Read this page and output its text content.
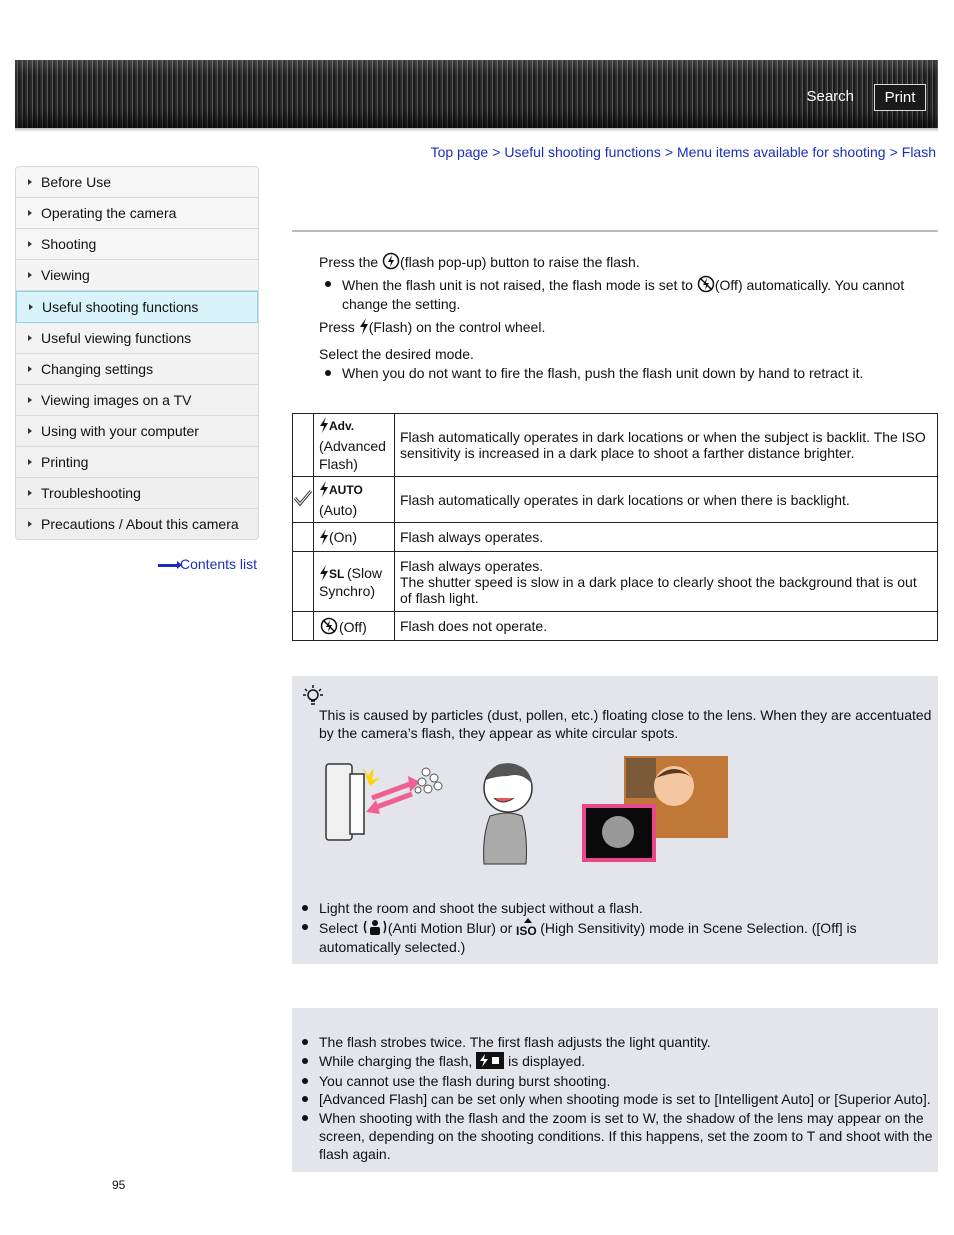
Search	Print
Top page > Useful shooting functions > Menu items available for shooting > Flash
Before Use
Operating the camera
Shooting
Viewing
Useful shooting functions
Useful viewing functions
Changing settings
Viewing images on a TV
Using with your computer
Printing
Troubleshooting
Precautions / About this camera
Contents list
Press the (flash pop-up) button to raise the flash.
When the flash unit is not raised, the flash mode is set to (Off) automatically. You cannot
change the setting.
Press (Flash) on the control wheel.
Select the desired mode.
When you do not want to fire the flash, push the flash unit down by hand to retract it.

Adv.

(Advanced
Flash)	Flash automatically operates in dark locations or when the subject is backlit. The ISO
sensitivity is increased in a dark place to shoot a farther distance brighter.

AUTO

(Auto)	Flash automatically operates in dark locations or when there is backlight.
	(On)	Flash always operates.

SL (Slow
Synchro)	Flash always operates.
The shutter speed is slow in a dark place to clearly shoot the background that is out
of flash light.
	(Off)	Flash does not operate.
This is caused by particles (dust, pollen, etc.) floating close to the lens. When they are accentuated
by the camera’s flash, they appear as white circular spots.
Light the room and shoot the subject without a flash.
Select (Anti Motion Blur) or ISO (High Sensitivity) mode in Scene Selection. ([Off] is
automatically selected.)
The flash strobes twice. The first flash adjusts the light quantity.
While charging the flash,	is displayed.
You cannot use the flash during burst shooting.
[Advanced Flash] can be set only when shooting mode is set to [Intelligent Auto] or [Superior Auto].
When shooting with the flash and the zoom is set to W, the shadow of the lens may appear on the
screen, depending on the shooting conditions. If this happens, set the zoom to T and shoot with the
flash again.
95
